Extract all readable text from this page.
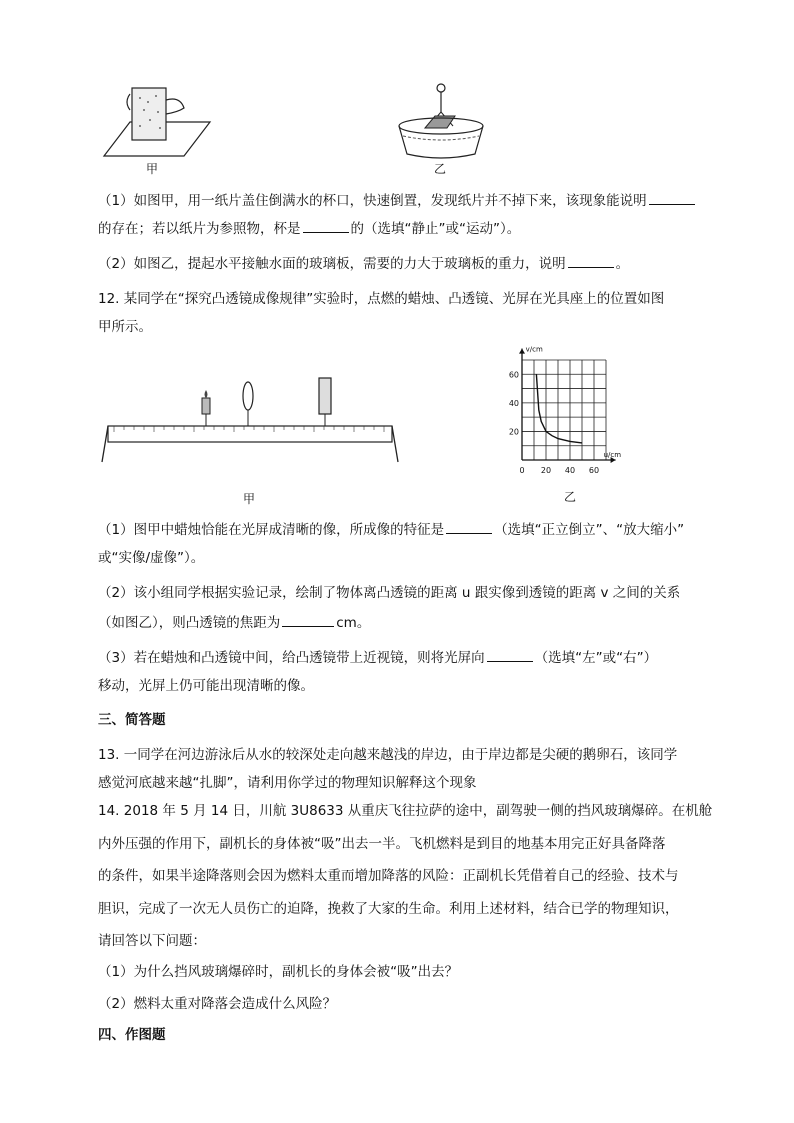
甲	乙
（1）如图甲，用一纸片盖住倒满水的杯口，快速倒置，发现纸片并不掉下来，该现象能说明
的存在；若以纸片为参照物，杯是	的（选填“静止”或“运动”）。
（2）如图乙，提起水平接触水面的玻璃板，需要的力大于玻璃板的重力，说明	。
12. 某同学在“探究凸透镜成像规律”实验时，点燃的蜡烛、凸透镜、光屏在光具座上的位置如图
甲所示。
甲
0 20 40 60
20
40
60
u/cm
v/cm
乙
（1）图甲中蜡烛恰能在光屏成清晰的像，所成像的特征是	（选填“正立倒立”、“放大缩小”
或“实像/虚像”）。
（2）该小组同学根据实验记录，绘制了物体离凸透镜的距离 u 跟实像到透镜的距离 v 之间的关系
（如图乙），则凸透镜的焦距为	cm。
（3）若在蜡烛和凸透镜中间，给凸透镜带上近视镜，则将光屏向	（选填“左”或“右”）
移动，光屏上仍可能出现清晰的像。
三、简答题
13. 一同学在河边游泳后从水的较深处走向越来越浅的岸边，由于岸边都是尖硬的鹅卵石，该同学
感觉河底越来越“扎脚”，请利用你学过的物理知识解释这个现象
14. 2018 年 5 月 14 日，川航 3U8633 从重庆飞往拉萨的途中，副驾驶一侧的挡风玻璃爆碎。在机舱
内外压强的作用下，副机长的身体被“吸”出去一半。飞机燃料是到目的地基本用完正好具备降落
的条件，如果半途降落则会因为燃料太重而增加降落的风险：正副机长凭借着自己的经验、技术与
胆识，完成了一次无人员伤亡的迫降，挽救了大家的生命。利用上述材料，结合已学的物理知识，
请回答以下问题：
（1）为什么挡风玻璃爆碎时，副机长的身体会被“吸”出去？
（2）燃料太重对降落会造成什么风险？
四、作图题
